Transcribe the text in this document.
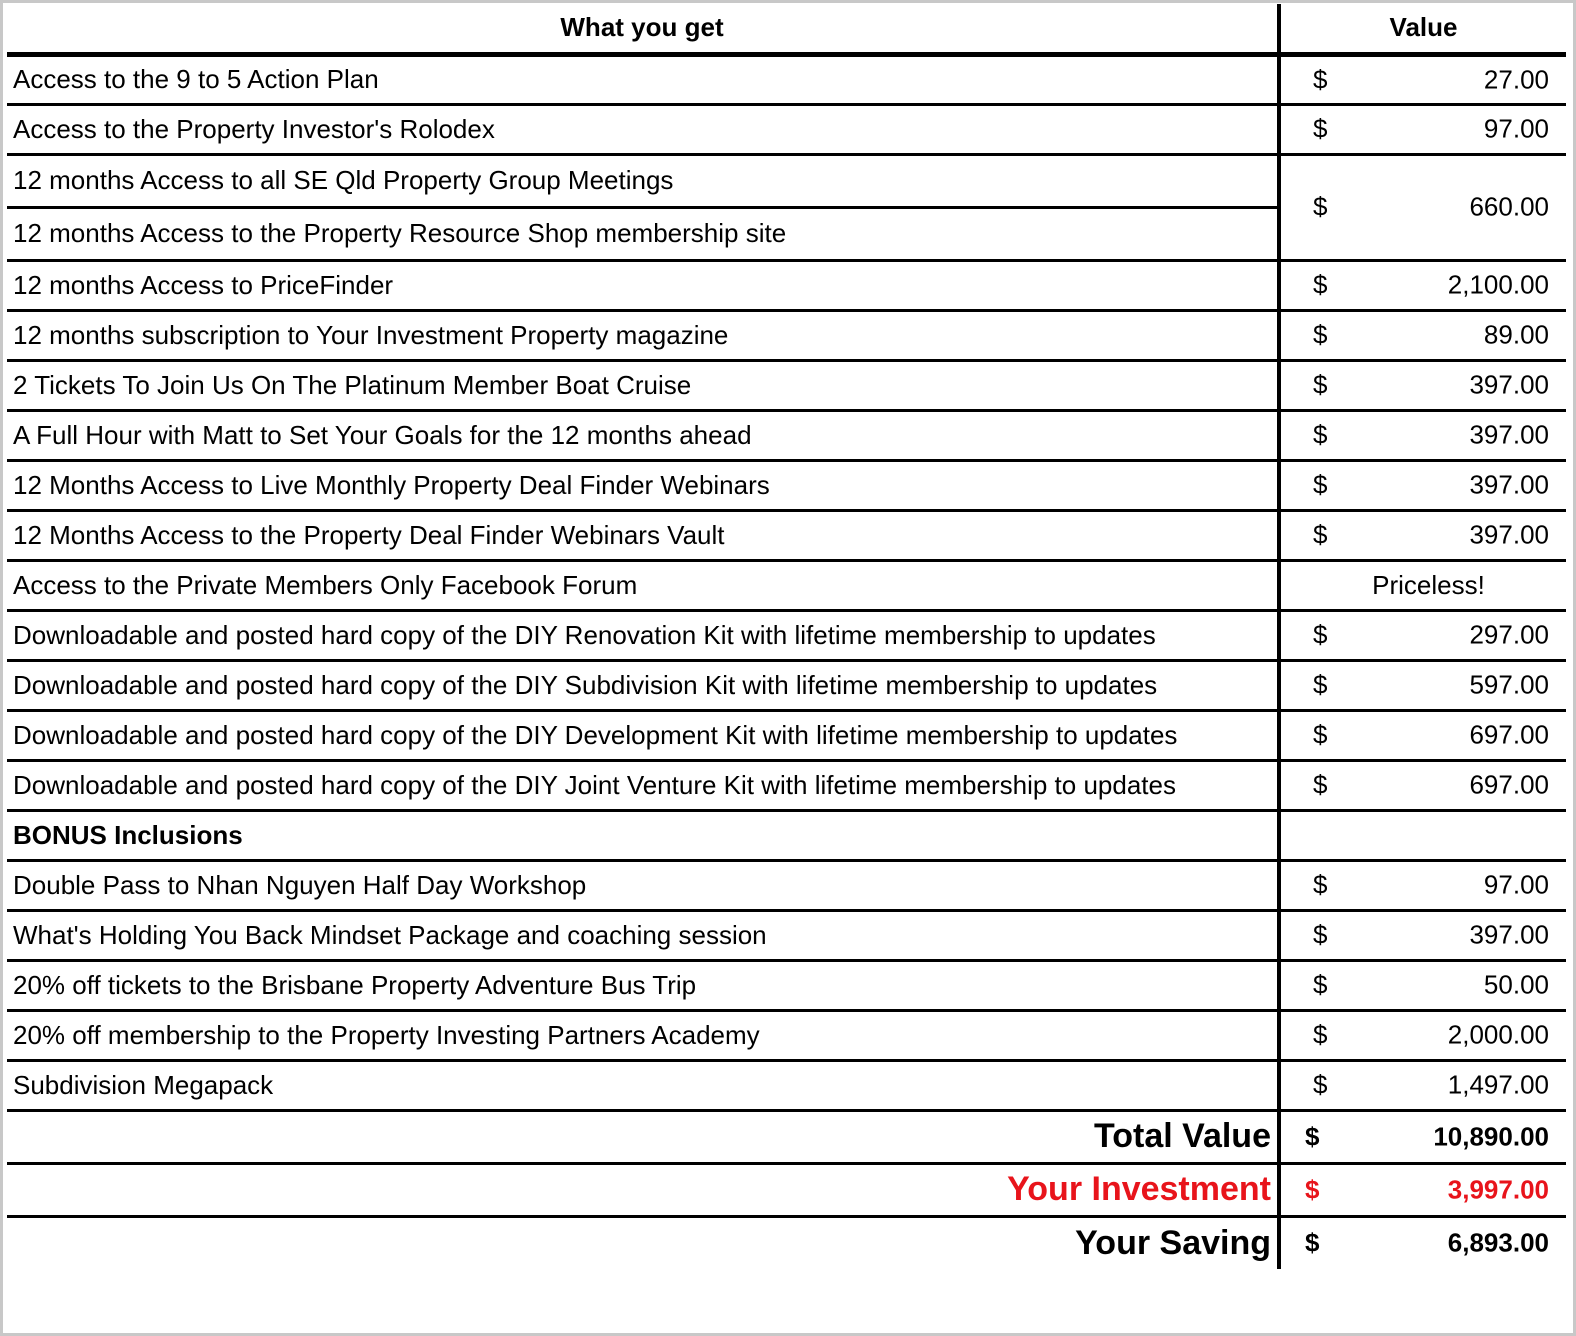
What you get	Value
Access to the 9 to 5 Action Plan	$ 27.00

Access to the Property Investor's Rolodex	$ 97.00

12 months Access to all SE Qld Property Group Meetings	$ 660.00

12 months Access to the Property Resource Shop membership site	
12 months Access to PriceFinder	$ 2,100.00

12 months subscription to Your Investment Property magazine	$ 89.00

2 Tickets To Join Us On The Platinum Member Boat Cruise	$ 397.00

A Full Hour with Matt to Set Your Goals for the 12 months ahead	$ 397.00

12 Months Access to Live Monthly Property Deal Finder Webinars	$ 397.00

12 Months Access to the Property Deal Finder Webinars Vault	$ 397.00

Access to the Private Members Only Facebook Forum	Priceless!

Downloadable and posted hard copy of the DIY Renovation Kit with lifetime membership to updates	$ 297.00

Downloadable and posted hard copy of the DIY Subdivision Kit with lifetime membership to updates	$ 597.00

Downloadable and posted hard copy of the DIY Development Kit with lifetime membership to updates	$ 697.00

Downloadable and posted hard copy of the DIY Joint Venture Kit with lifetime membership to updates	$ 697.00

BONUS Inclusions	
Double Pass to Nhan Nguyen Half Day Workshop	$ 97.00

What's Holding You Back Mindset Package and coaching session	$ 397.00

20% off tickets to the Brisbane Property Adventure Bus Trip	$ 50.00

20% off membership to the Property Investing Partners Academy	$ 2,000.00

Subdivision Megapack	$ 1,497.00

Total Value	$ 10,890.00

Your Investment	$ 3,997.00

Your Saving	$ 6,893.00
